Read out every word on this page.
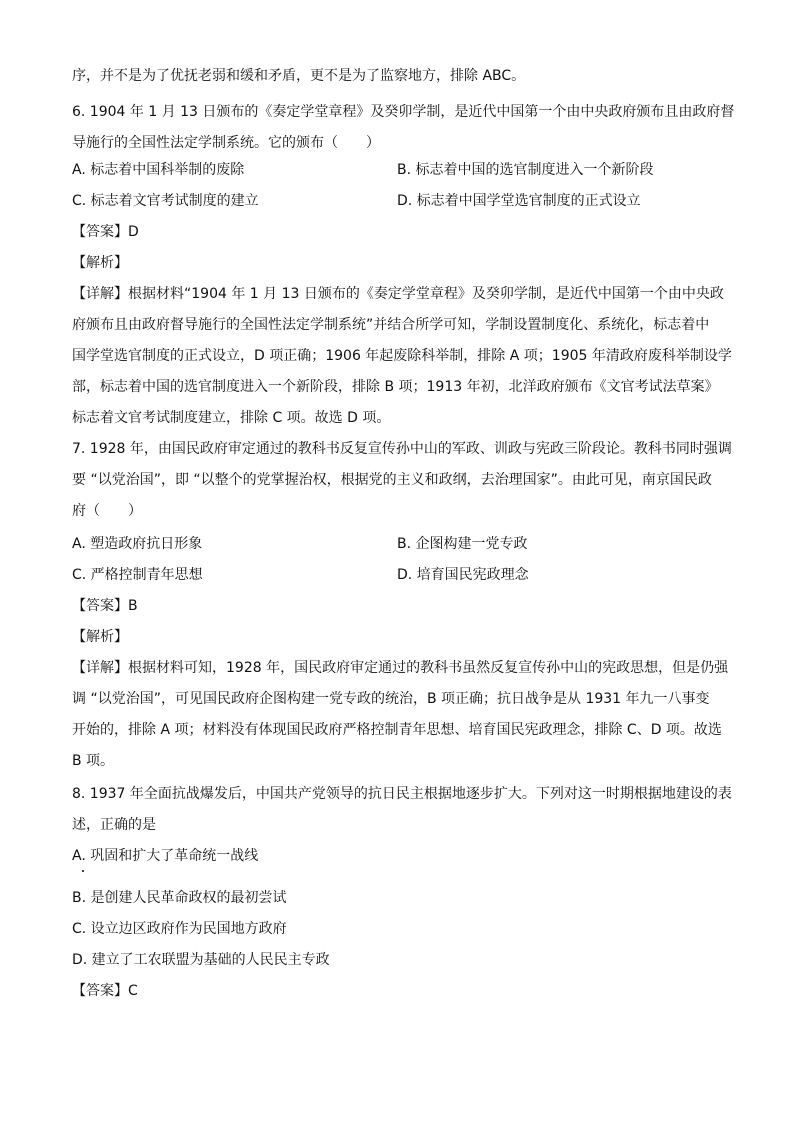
序，并不是为了优抚老弱和缓和矛盾，更不是为了监察地方，排除 ABC。
6. 1904 年 1 月 13 日颁布的《奏定学堂章程》及癸卯学制，是近代中国第一个由中央政府颁布且由政府督
导施行的全国性法定学制系统。它的颁布（　　）
A. 标志着中国科举制的废除	B. 标志着中国的选官制度进入一个新阶段
C. 标志着文官考试制度的建立	D. 标志着中国学堂选官制度的正式设立
【答案】D
【解析】
【详解】根据材料“1904 年 1 月 13 日颁布的《奏定学堂章程》及癸卯学制，是近代中国第一个由中央政
府颁布且由政府督导施行的全国性法定学制系统”并结合所学可知，学制设置制度化、系统化，标志着中
国学堂选官制度的正式设立，D 项正确；1906 年起废除科举制，排除 A 项；1905 年清政府废科举制设学
部，标志着中国的选官制度进入一个新阶段，排除 B 项；1913 年初，北洋政府颁布《文官考试法草案》
标志着文官考试制度建立，排除 C 项。故选 D 项。
7. 1928 年，由国民政府审定通过的教科书反复宣传孙中山的军政、训政与宪政三阶段论。教科书同时强调
要 “以党治国”，即 “以整个的党掌握治权，根据党的主义和政纲，去治理国家”。由此可见，南京国民政
府（　　）
A. 塑造政府抗日形象	B. 企图构建一党专政
C. 严格控制青年思想	D. 培育国民宪政理念
【答案】B
【解析】
【详解】根据材料可知，1928 年，国民政府审定通过的教科书虽然反复宣传孙中山的宪政思想，但是仍强
调 “以党治国”，可见国民政府企图构建一党专政的统治，B 项正确；抗日战争是从 1931 年九一八事变
开始的，排除 A 项；材料没有体现国民政府严格控制青年思想、培育国民宪政理念，排除 C、D 项。故选
B 项。
8. 1937 年全面抗战爆发后，中国共产党领导的抗日民主根据地逐步扩大。下列对这一时期根据地建设的表
述，正确的是
A. 巩固和扩大了革命统一战线
B. 是创建人民革命政权的最初尝试
C. 设立边区政府作为民国地方政府
D. 建立了工农联盟为基础的人民民主专政
【答案】C
